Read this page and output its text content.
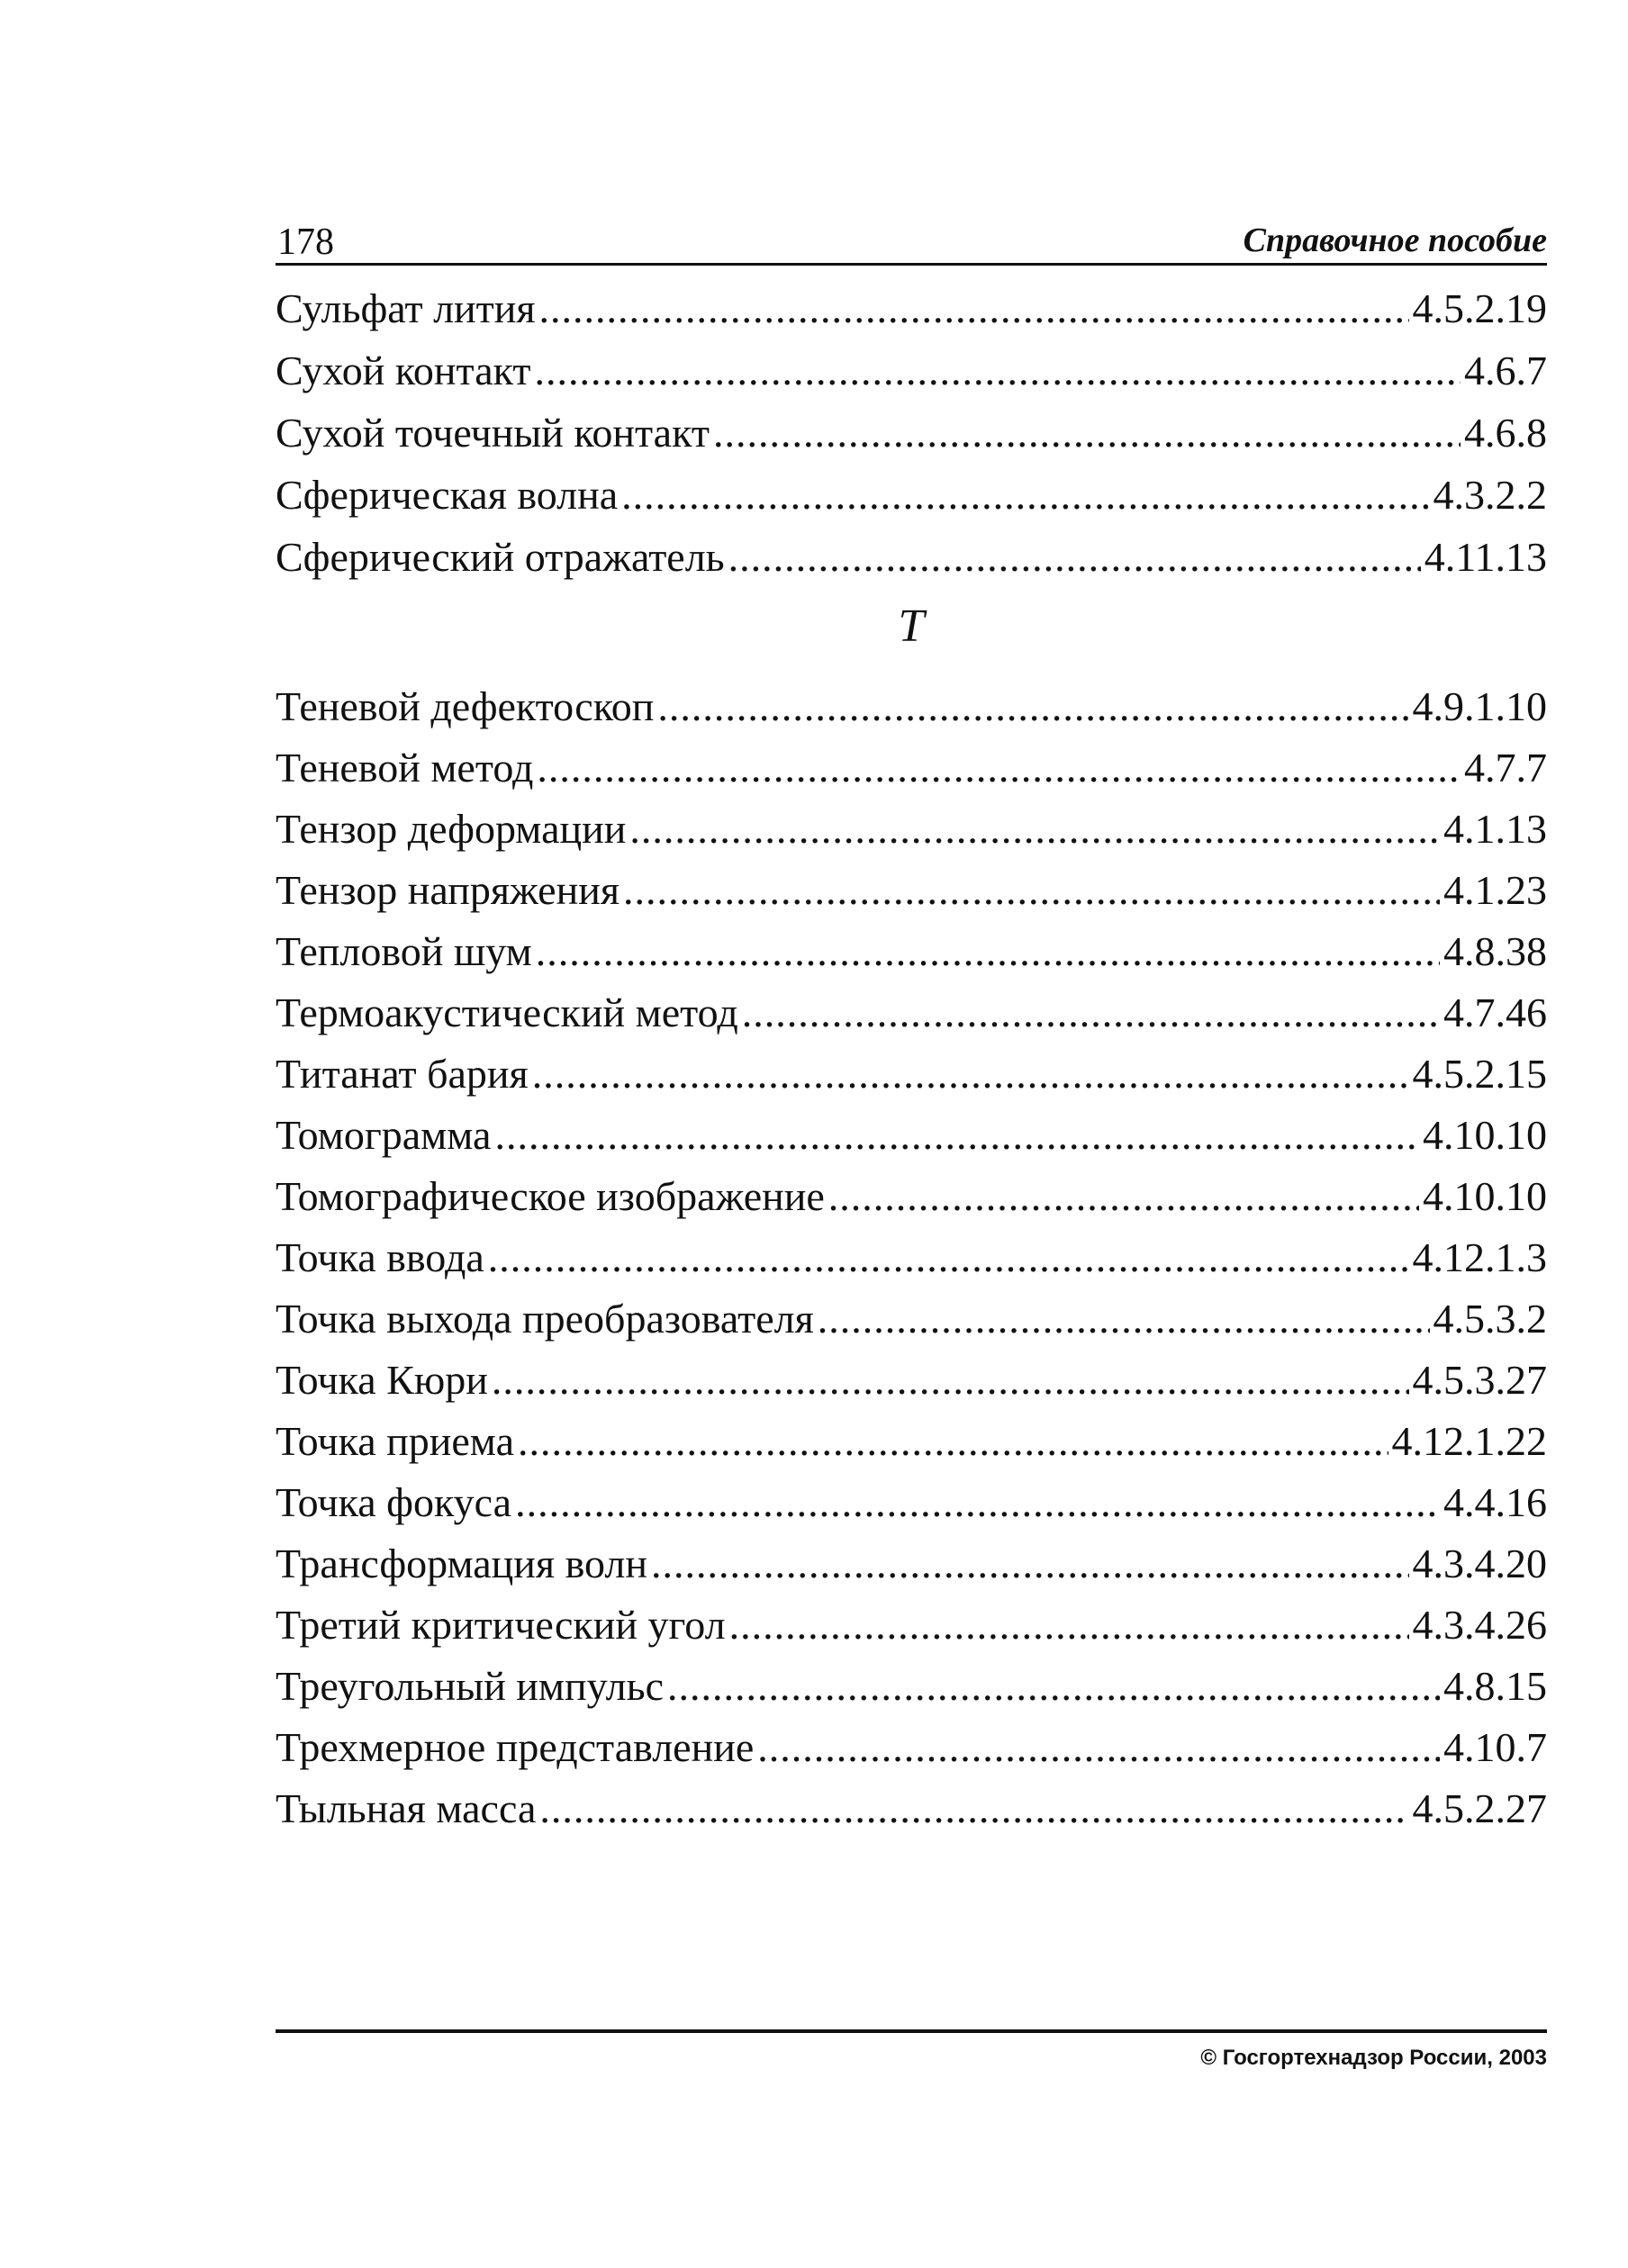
178	Справочное пособие
Сульфат лития .....	4.5.2.19
Сухой контакт .....	4.6.7
Сухой точечный контакт .....	4.6.8
Сферическая волна .....	4.3.2.2
Сферический отражатель .....	4.11.13
Т
Теневой дефектоскоп .....	4.9.1.10
Теневой метод .....	4.7.7
Тензор деформации .....	4.1.13
Тензор напряжения .....	4.1.23
Тепловой шум .....	4.8.38
Термоакустический метод .....	4.7.46
Титанат бария .....	4.5.2.15
Томограмма .....	4.10.10
Томографическое изображение .....	4.10.10
Точка ввода .....	4.12.1.3
Точка выхода преобразователя .....	4.5.3.2
Точка Кюри .....	4.5.3.27
Точка приема .....	4.12.1.22
Точка фокуса .....	4.4.16
Трансформация волн .....	4.3.4.20
Третий критический угол .....	4.3.4.26
Треугольный импульс .....	4.8.15
Трехмерное представление .....	4.10.7
Тыльная масса .....	4.5.2.27
© Госгортехнадзор России, 2003
